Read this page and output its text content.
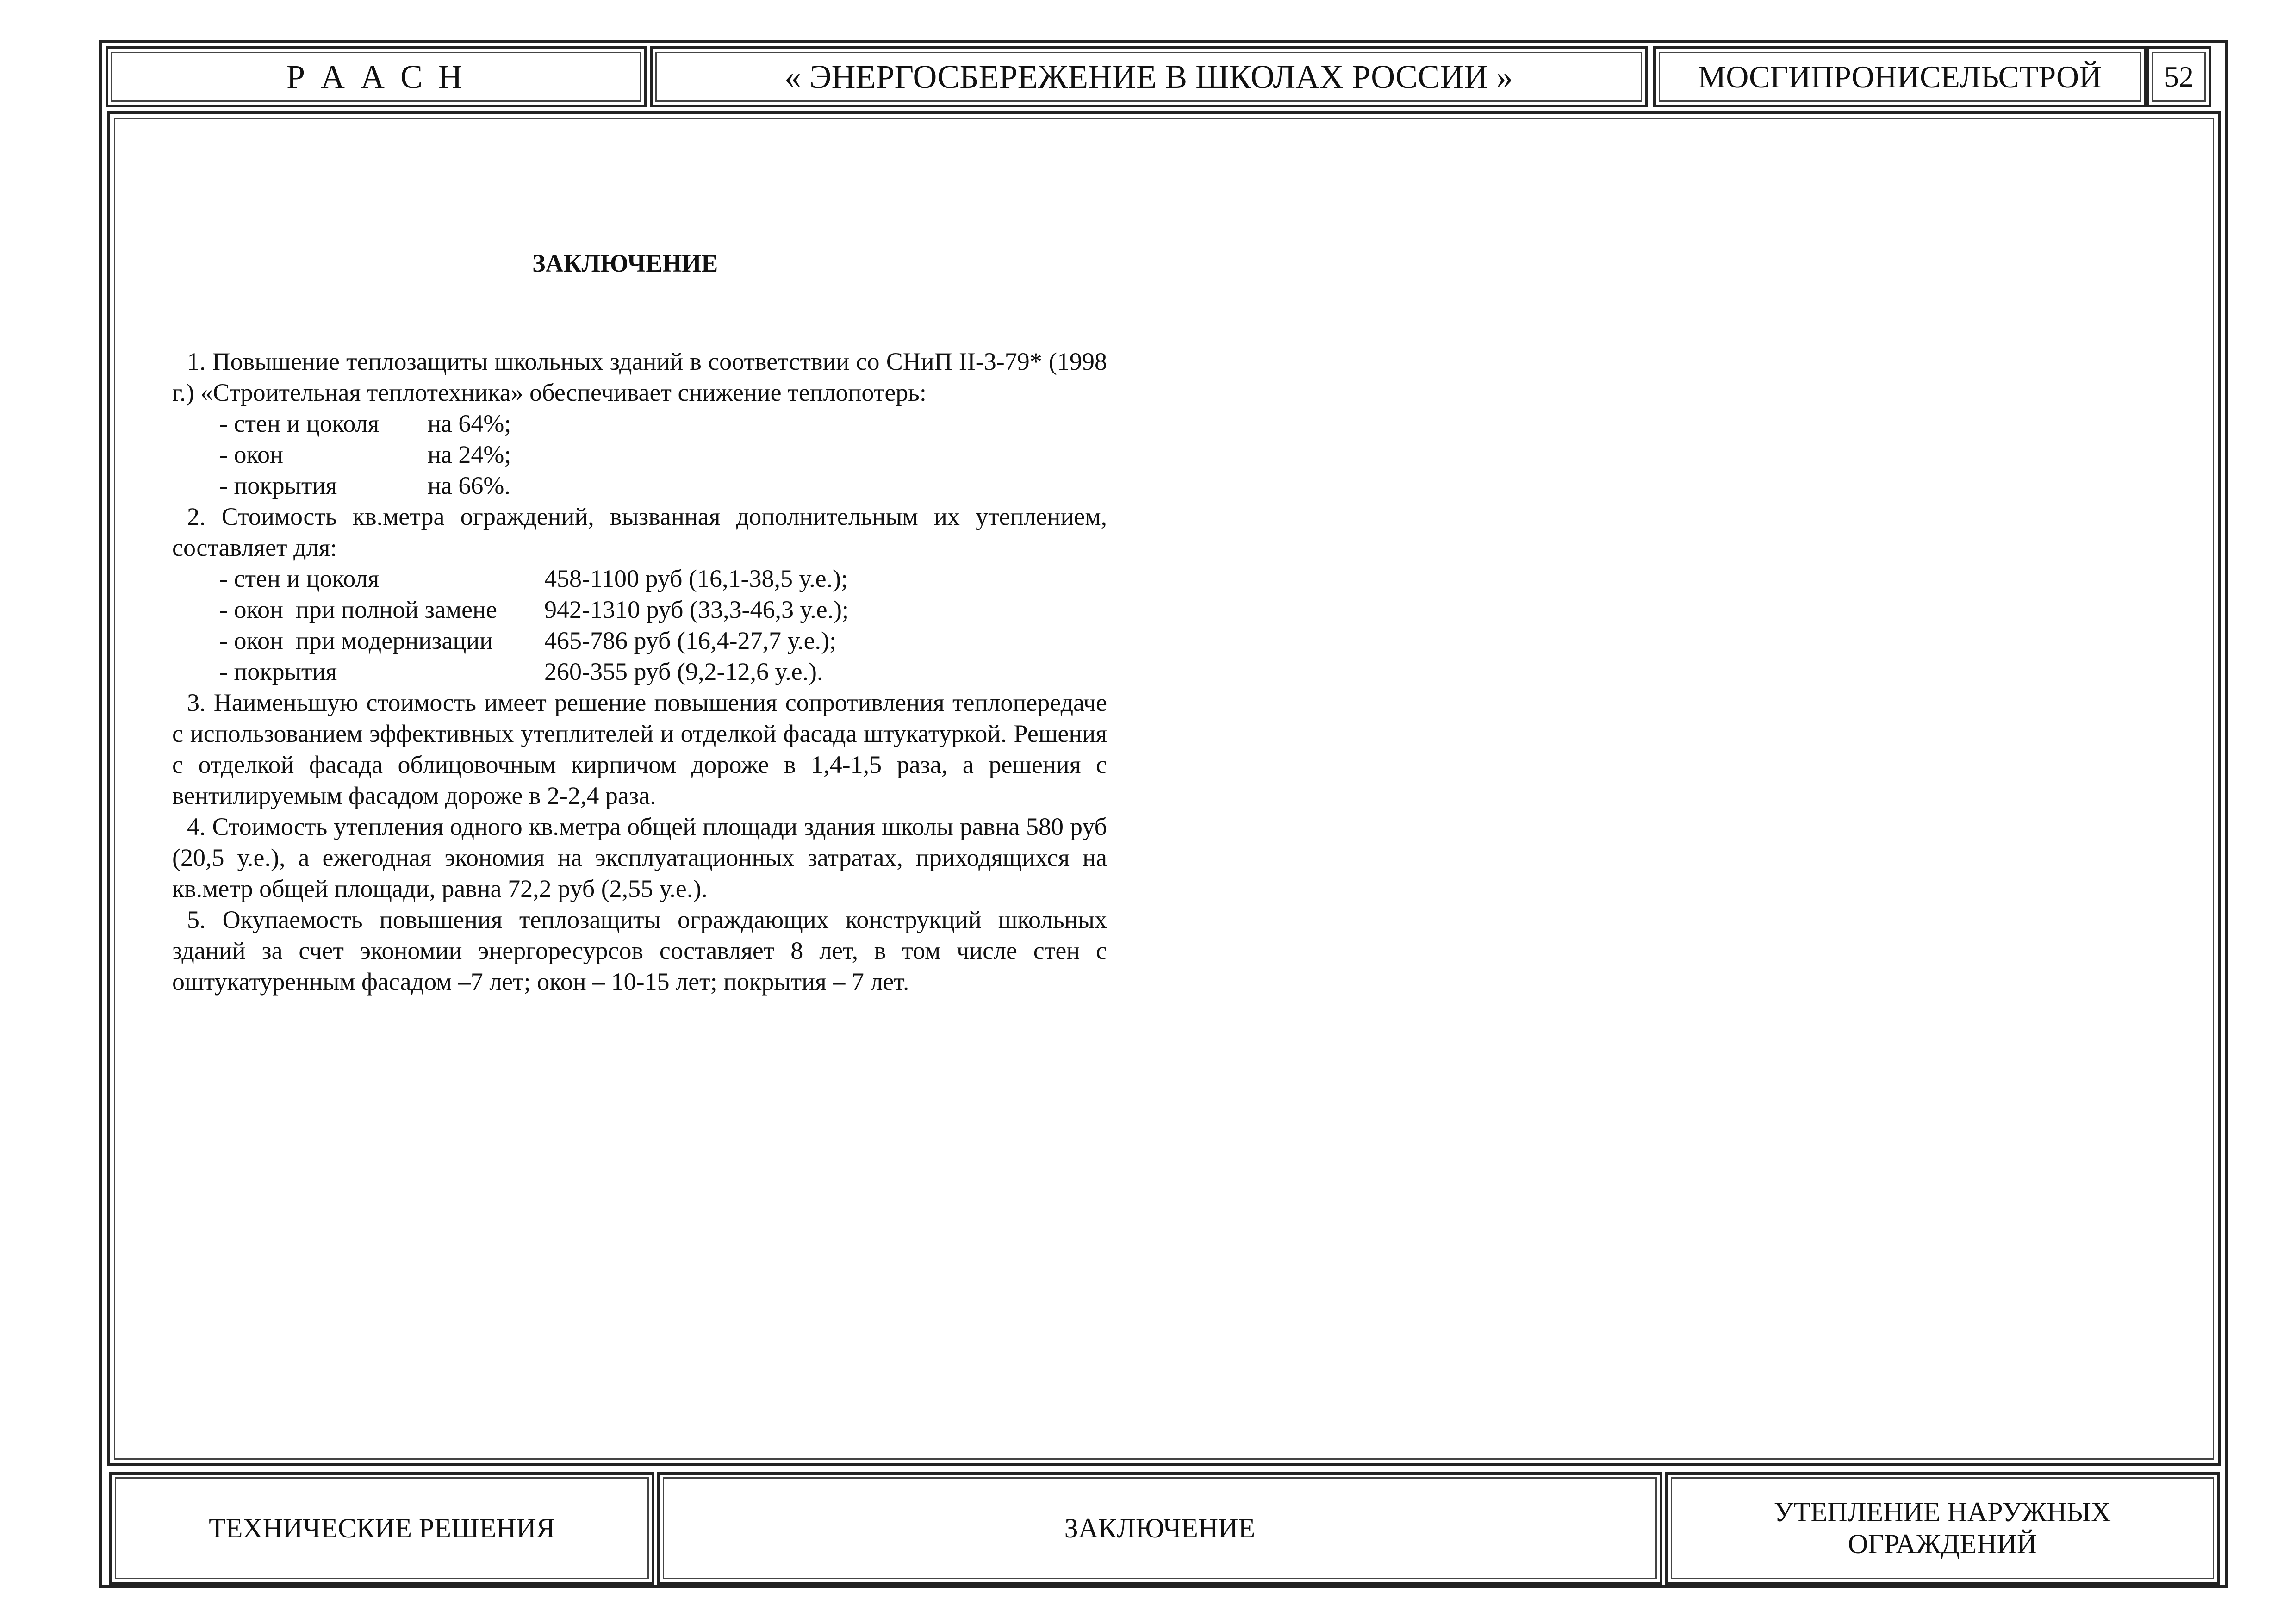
Р А А С Н	« ЭНЕРГОСБЕРЕЖЕНИЕ В ШКОЛАХ РОССИИ »	МОСГИПРОНИСЕЛЬСТРОЙ 52
ЗАКЛЮЧЕНИЕ
1. Повышение теплозащиты школьных зданий в соответствии со СНиП II-3-79* (1998 г.) «Строительная теплотехника» обеспечивает снижение теплопотерь:
- стен и цоколя	на 64%;
- окон	на 24%;
- покрытия	на 66%.
2. Стоимость кв.метра ограждений, вызванная дополнительным их утеплением, составляет для:
- стен и цоколя	458-1100 руб (16,1-38,5 у.е.);
- окон  при полной замене	942-1310 руб (33,3-46,3 у.е.);
- окон  при модернизации	465-786 руб (16,4-27,7 у.е.);
- покрытия	260-355 руб (9,2-12,6 у.е.).
3. Наименьшую стоимость имеет решение повышения сопротивления теплопередаче с использованием эффективных утеплителей и отделкой фасада штукатуркой. Решения с отделкой фасада облицовочным кирпичом дороже в 1,4-1,5 раза, а решения с вентилируемым фасадом дороже в 2-2,4 раза.
4. Стоимость утепления одного кв.метра общей площади здания школы равна 580 руб (20,5 у.е.), а ежегодная экономия на эксплуатационных затратах, приходящихся на кв.метр общей площади, равна 72,2 руб (2,55 у.е.).
5. Окупаемость повышения теплозащиты ограждающих конструкций школьных зданий за счет экономии энергоресурсов составляет 8 лет, в том числе стен с оштукатуренным фасадом –7 лет; окон – 10-15 лет; покрытия – 7 лет.
ТЕХНИЧЕСКИЕ РЕШЕНИЯ	ЗАКЛЮЧЕНИЕ
УТЕПЛЕНИЕ НАРУЖНЫХ ОГРАЖДЕНИЙ
